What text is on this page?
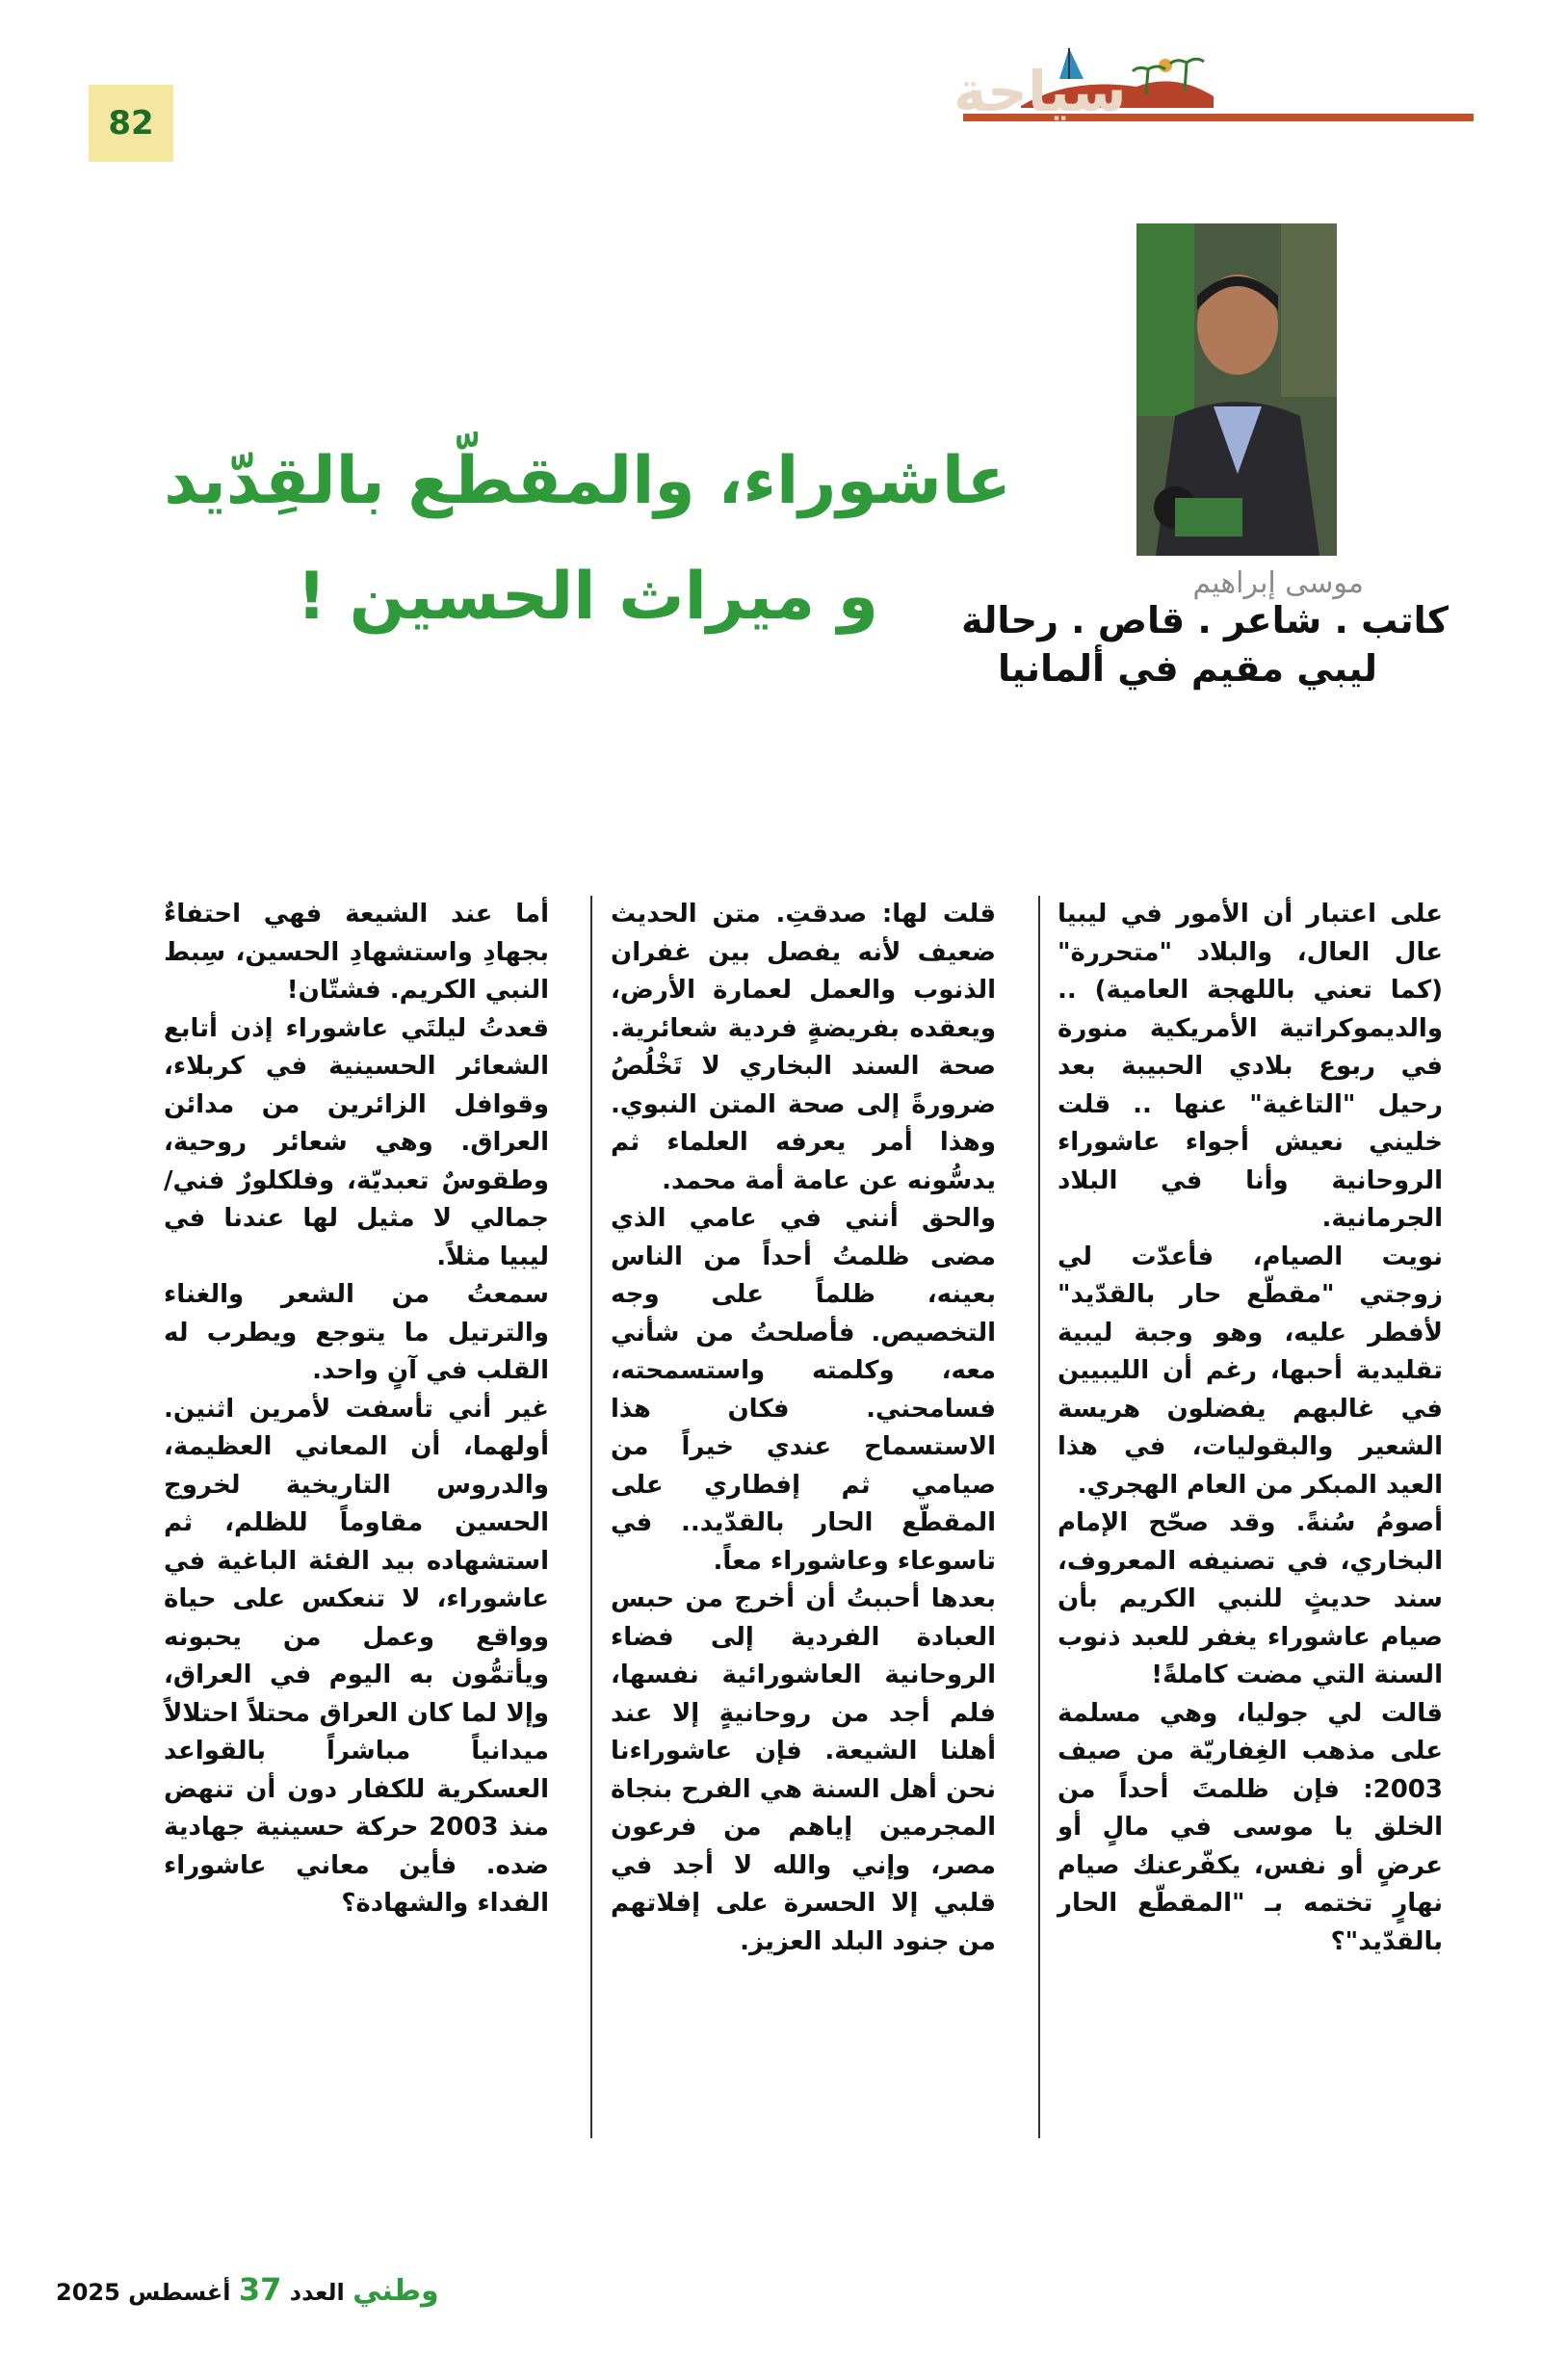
82	سياحة
موسى إبراهيم
كاتب . شاعر . قاص . رحالة
ليبي مقيم في ألمانيا
عاشوراء، والمقطّع بالقِدّيد
و ميراث الحسين !

على اعتبار أن الأمور في ليبيا عال العال، والبلاد "متحررة" (كما تعني باللهجة العامية) .. والديموكراتية الأمريكية منورة في ربوع بلادي الحبيبة بعد رحيل "التاغية" عنها .. قلت خليني نعيش أجواء عاشوراء الروحانية وأنا في البلاد الجرمانية.

نويت الصيام، فأعدّت لي زوجتي "مقطّع حار بالقدّيد" لأفطر عليه، وهو وجبة ليبية تقليدية أحبها، رغم أن الليبيين في غالبهم يفضلون هريسة الشعير والبقوليات، في هذا العيد المبكر من العام الهجري.

أصومُ سُنةً. وقد صحّح الإمام البخاري، في تصنيفه المعروف، سند حديثٍ للنبي الكريم بأن صيام عاشوراء يغفر للعبد ذنوب السنة التي مضت كاملةً!

قالت لي جوليا، وهي مسلمة على مذهب الغِفاريّة من صيف 2003: فإن ظلمتَ أحداً من الخلق يا موسى في مالٍ أو عرضٍ أو نفس، يكفّرعنك صيام نهارٍ تختمه بـ "المقطّع الحار بالقدّيد"؟

قلت لها: صدقتِ. متن الحديث ضعيف لأنه يفصل بين غفران الذنوب والعمل لعمارة الأرض، ويعقده بفريضةٍ فردية شعائرية. صحة السند البخاري لا تَخْلُصُ ضرورةً إلى صحة المتن النبوي. وهذا أمر يعرفه العلماء ثم يدسُّونه عن عامة أمة محمد.

والحق أنني في عامي الذي مضى ظلمتُ أحداً من الناس بعينه، ظلماً على وجه التخصيص. فأصلحتُ من شأني معه، وكلمته واستسمحته، فسامحني. فكان هذا الاستسماح عندي خيراً من صيامي ثم إفطاري على المقطّع الحار بالقدّيد.. في تاسوعاء وعاشوراء معاً.

بعدها أحببتُ أن أخرج من حبس العبادة الفردية إلى فضاء الروحانية العاشورائية نفسها، فلم أجد من روحانيةٍ إلا عند أهلنا الشيعة. فإن عاشوراءنا نحن أهل السنة هي الفرح بنجاة المجرمين إياهم من فرعون مصر، وإني والله لا أجد في قلبي إلا الحسرة على إفلاتهم من جنود البلد العزيز.

أما عند الشيعة فهي احتفاءٌ بجهادِ واستشهادِ الحسين، سِبط النبي الكريم. فشتّان!

قعدتُ ليلتَي عاشوراء إذن أتابع الشعائر الحسينية في كربلاء، وقوافل الزائرين من مدائن العراق. وهي شعائر روحية، وطقوسٌ تعبديّة، وفلكلورٌ فني/جمالي لا مثيل لها عندنا في ليبيا مثلاً.

سمعتُ من الشعر والغناء والترتيل ما يتوجع ويطرب له القلب في آنٍ واحد.

غير أني تأسفت لأمرين اثنين. أولهما، أن المعاني العظيمة، والدروس التاريخية لخروج الحسين مقاوماً للظلم، ثم استشهاده بيد الفئة الباغية في عاشوراء، لا تنعكس على حياة وواقع وعمل من يحبونه ويأتمُّون به اليوم في العراق، وإلا لما كان العراق محتلاً احتلالاً ميدانياً مباشراً بالقواعد العسكرية للكفار دون أن تنهض منذ 2003 حركة حسينية جهادية ضده. فأين معاني عاشوراء الفداء والشهادة؟

وطني العدد 37 أغسطس 2025
